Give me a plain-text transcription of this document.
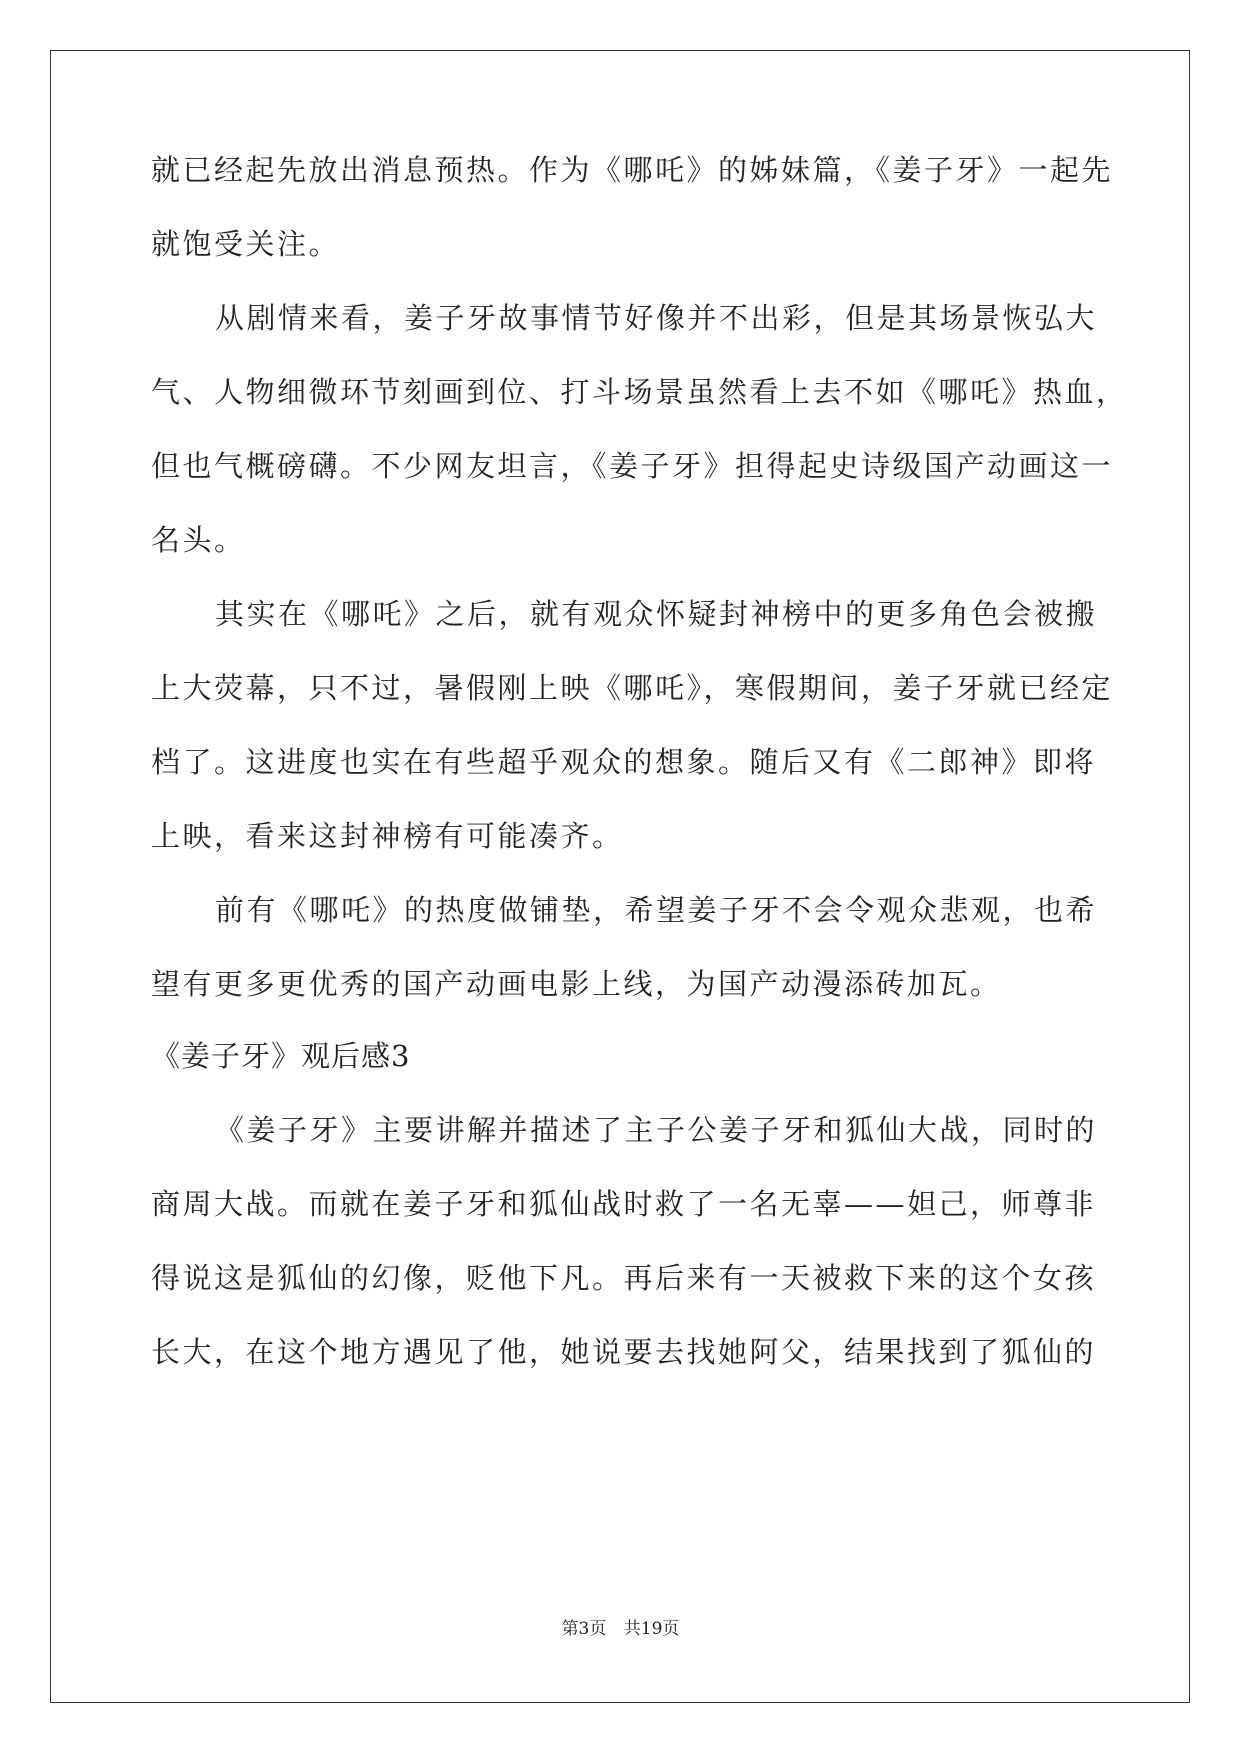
就已经起先放出消息预热。作为《哪吒》的姊妹篇，《姜子牙》一起先
就饱受关注。
从剧情来看，姜子牙故事情节好像并不出彩，但是其场景恢弘大
气、人物细微环节刻画到位、打斗场景虽然看上去不如《哪吒》热血，
但也气概磅礴。不少网友坦言，《姜子牙》担得起史诗级国产动画这一
名头。
其实在《哪吒》之后，就有观众怀疑封神榜中的更多角色会被搬
上大荧幕，只不过，暑假刚上映《哪吒》，寒假期间，姜子牙就已经定
档了。这进度也实在有些超乎观众的想象。随后又有《二郎神》即将
上映，看来这封神榜有可能凑齐。
前有《哪吒》的热度做铺垫，希望姜子牙不会令观众悲观，也希
望有更多更优秀的国产动画电影上线，为国产动漫添砖加瓦。
《姜子牙》观后感3
《姜子牙》主要讲解并描述了主子公姜子牙和狐仙大战，同时的
商周大战。而就在姜子牙和狐仙战时救了一名无辜——妲己，师尊非
得说这是狐仙的幻像，贬他下凡。再后来有一天被救下来的这个女孩
长大，在这个地方遇见了他，她说要去找她阿父，结果找到了狐仙的
第3页 共19页
